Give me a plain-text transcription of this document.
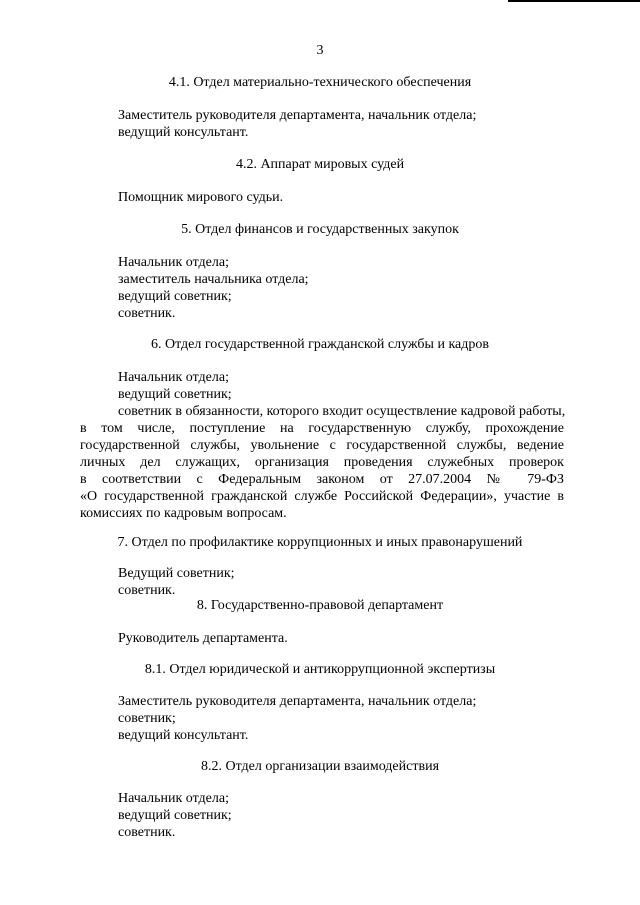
3
4.1. Отдел материально-технического обеспечения
Заместитель руководителя департамента, начальник отдела;
ведущий консультант.
4.2. Аппарат мировых судей
Помощник мирового судьи.
5. Отдел финансов и государственных закупок
Начальник отдела;
заместитель начальника отдела;
ведущий советник;
советник.
6. Отдел государственной гражданской службы и кадров
Начальник отдела;
ведущий советник;
советник в обязанности, которого входит осуществление кадровой работы,
в том числе, поступление на государственную службу, прохождение
государственной службы, увольнение с государственной службы, ведение
личных дел служащих, организация проведения служебных проверок
в соответствии с Федеральным законом от 27.07.2004 № 79-ФЗ
«О государственной гражданской службе Российской Федерации», участие в
комиссиях по кадровым вопросам.
7. Отдел по профилактике коррупционных и иных правонарушений
Ведущий советник;
советник.
8. Государственно-правовой департамент
Руководитель департамента.
8.1. Отдел юридической и антикоррупционной экспертизы
Заместитель руководителя департамента, начальник отдела;
советник;
ведущий консультант.
8.2. Отдел организации взаимодействия
Начальник отдела;
ведущий советник;
советник.
